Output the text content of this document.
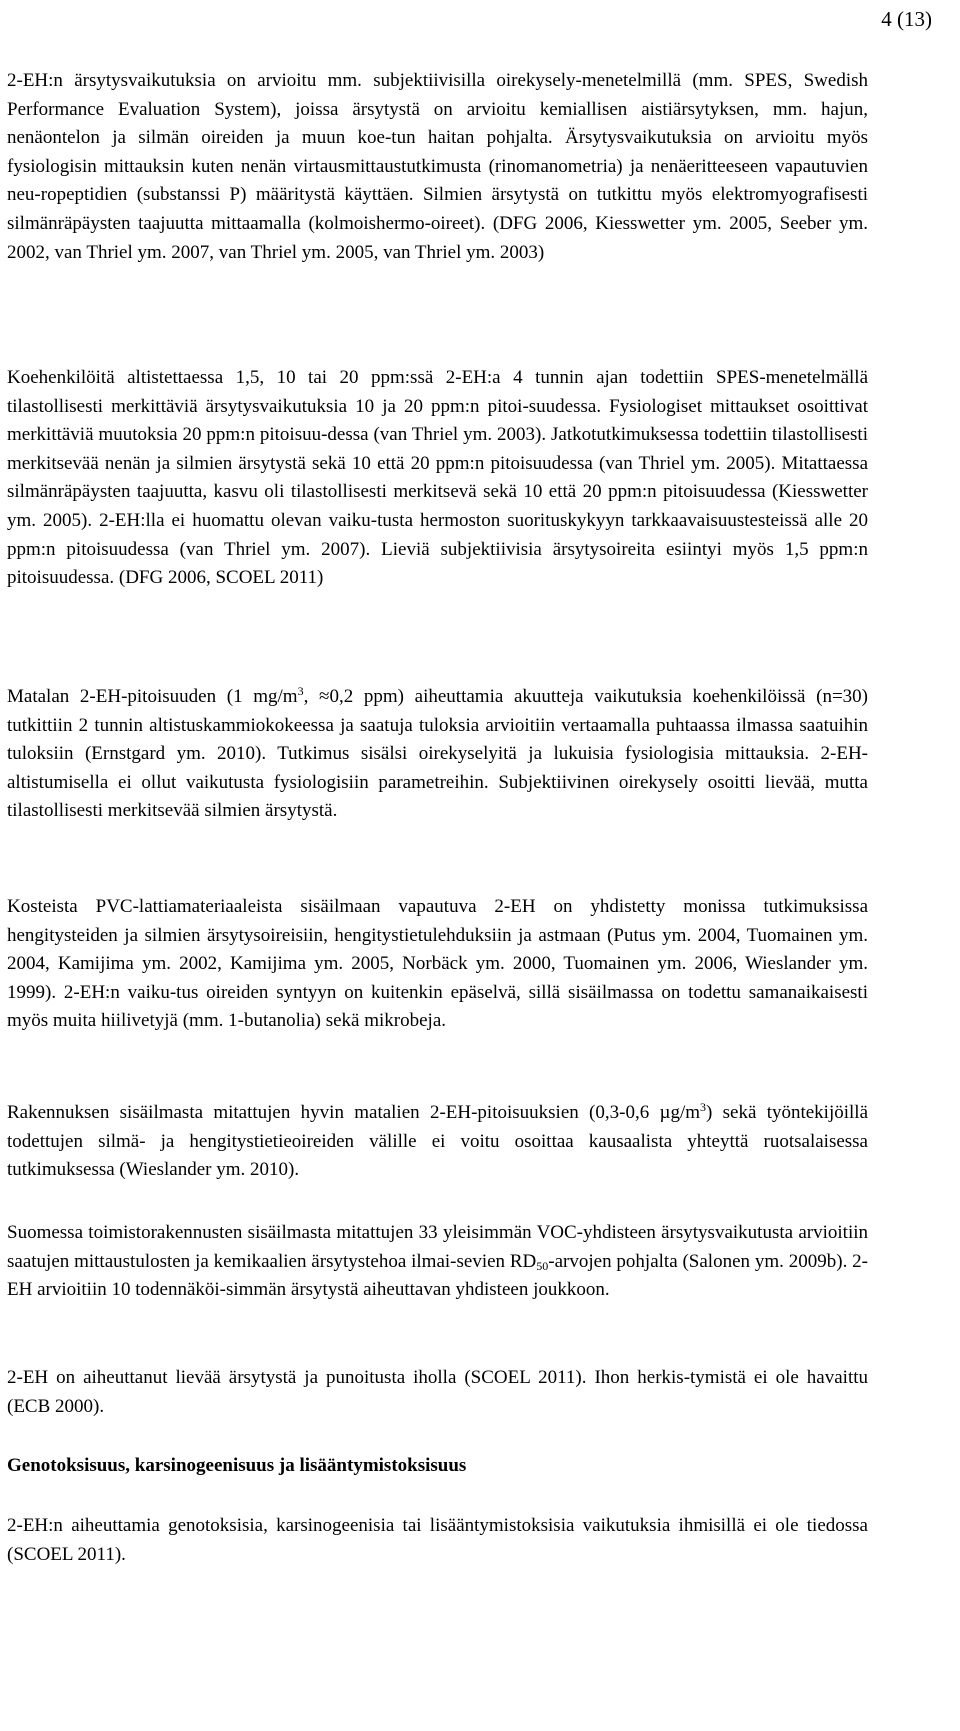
4 (13)

2-EH:n ärsytysvaikutuksia on arvioitu mm. subjektiivisilla oirekysely-menetelmillä (mm. SPES, Swedish Performance Evaluation System), joissa ärsytystä on arvioitu kemiallisen aistiärsytyksen, mm. hajun, nenäontelon ja silmän oireiden ja muun koe-tun haitan pohjalta. Ärsytysvaikutuksia on arvioitu myös fysiologisin mittauksin kuten nenän virtausmittaustutkimusta (rinomanometria) ja nenäeritteeseen vapautuvien neu-ropeptidien (substanssi P) määritystä käyttäen. Silmien ärsytystä on tutkittu myös elektromyografisesti silmänräpäysten taajuutta mittaamalla (kolmoishermo-oireet). (DFG 2006, Kiesswetter ym. 2005, Seeber ym. 2002, van Thriel ym. 2007, van Thriel ym. 2005, van Thriel ym. 2003)

Koehenkilöitä altistettaessa 1,5, 10 tai 20 ppm:ssä 2-EH:a 4 tunnin ajan todettiin SPES-menetelmällä tilastollisesti merkittäviä ärsytysvaikutuksia 10 ja 20 ppm:n pitoi-suudessa. Fysiologiset mittaukset osoittivat merkittäviä muutoksia 20 ppm:n pitoisuu-dessa (van Thriel ym. 2003). Jatkotutkimuksessa todettiin tilastollisesti merkitsevää nenän ja silmien ärsytystä sekä 10 että 20 ppm:n pitoisuudessa (van Thriel ym. 2005). Mitattaessa silmänräpäysten taajuutta, kasvu oli tilastollisesti merkitsevä sekä 10 että 20 ppm:n pitoisuudessa (Kiesswetter ym. 2005). 2-EH:lla ei huomattu olevan vaiku-tusta hermoston suorituskykyyn tarkkaavaisuustesteissä alle 20 ppm:n pitoisuudessa (van Thriel ym. 2007). Lieviä subjektiivisia ärsytysoireita esiintyi myös 1,5 ppm:n pitoisuudessa. (DFG 2006, SCOEL 2011)

Matalan 2-EH-pitoisuuden (1 $mg/m^3$, ≈0,2 ppm) aiheuttamia akuutteja vaikutuksia koehenkilöissä (n=30) tutkittiin 2 tunnin altistuskammiokokeessa ja saatuja tuloksia arvioitiin vertaamalla puhtaassa ilmassa saatuihin tuloksiin (Ernstgard ym. 2010). Tutkimus sisälsi oirekyselyitä ja lukuisia fysiologisia mittauksia. 2-EH-altistumisella ei ollut vaikutusta fysiologisiin parametreihin. Subjektiivinen oirekysely osoitti lievää, mutta tilastollisesti merkitsevää silmien ärsytystä.

Kosteista PVC-lattiamateriaaleista sisäilmaan vapautuva 2-EH on yhdistetty monissa tutkimuksissa hengitysteiden ja silmien ärsytysoireisiin, hengitystietulehduksiin ja astmaan (Putus ym. 2004, Tuomainen ym. 2004, Kamijima ym. 2002, Kamijima ym. 2005, Norbäck ym. 2000, Tuomainen ym. 2006, Wieslander ym. 1999). 2-EH:n vaiku-tus oireiden syntyyn on kuitenkin epäselvä, sillä sisäilmassa on todettu samanaikaisesti myös muita hiilivetyjä (mm. 1-butanolia) sekä mikrobeja.

Rakennuksen sisäilmasta mitattujen hyvin matalien 2-EH-pitoisuuksien (0,3-0,6 $\mu g/m^3$) sekä työntekijöillä todettujen silmä- ja hengitystietieoireiden välille ei voitu osoittaa kausaalista yhteyttä ruotsalaisessa tutkimuksessa (Wieslander ym. 2010).

Suomessa toimistorakennusten sisäilmasta mitattujen 33 yleisimmän VOC-yhdisteen ärsytysvaikutusta arvioitiin saatujen mittaustulosten ja kemikaalien ärsytystehoa ilmai-sevien $RD_{50}$-arvojen pohjalta (Salonen ym. 2009b). 2-EH arvioitiin 10 todennäköi-simmän ärsytystä aiheuttavan yhdisteen joukkoon.

2-EH on aiheuttanut lievää ärsytystä ja punoitusta iholla (SCOEL 2011). Ihon herkis-tymistä ei ole havaittu (ECB 2000).

Genotoksisuus, karsinogeenisuus ja lisääntymistoksisuus

2-EH:n aiheuttamia genotoksisia, karsinogeenisia tai lisääntymistoksisia vaikutuksia ihmisillä ei ole tiedossa (SCOEL 2011).
